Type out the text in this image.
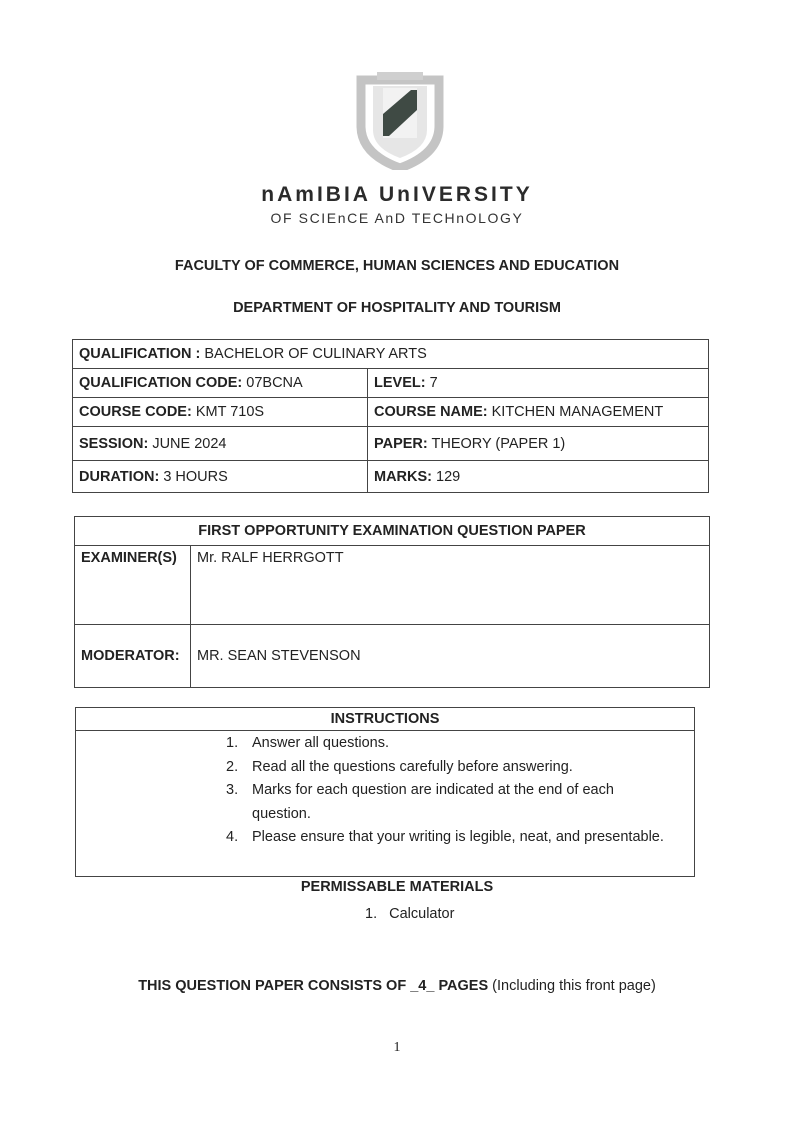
nAmIBIA UnIVERSITY
OF SCIEnCE AnD TECHnOLOGY
FACULTY OF COMMERCE, HUMAN SCIENCES AND EDUCATION
DEPARTMENT OF HOSPITALITY AND TOURISM
QUALIFICATION : BACHELOR OF CULINARY ARTS	
QUALIFICATION CODE: 07BCNA	LEVEL: 7
COURSE CODE: KMT 710S	COURSE NAME: KITCHEN MANAGEMENT
SESSION: JUNE 2024	PAPER: THEORY (PAPER 1)
DURATION: 3 HOURS	MARKS: 129
FIRST OPPORTUNITY EXAMINATION QUESTION PAPER	
EXAMINER(S)	Mr. RALF HERRGOTT
MODERATOR:	MR. SEAN STEVENSON
INSTRUCTIONS
1. Answer all questions.
2. Read all the questions carefully before answering.
3. Marks for each question are indicated at the end of each question.
4. Please ensure that your writing is legible, neat, and presentable.
PERMISSABLE MATERIALS
1. Calculator
THIS QUESTION PAPER CONSISTS OF _4_ PAGES (Including this front page)
1
